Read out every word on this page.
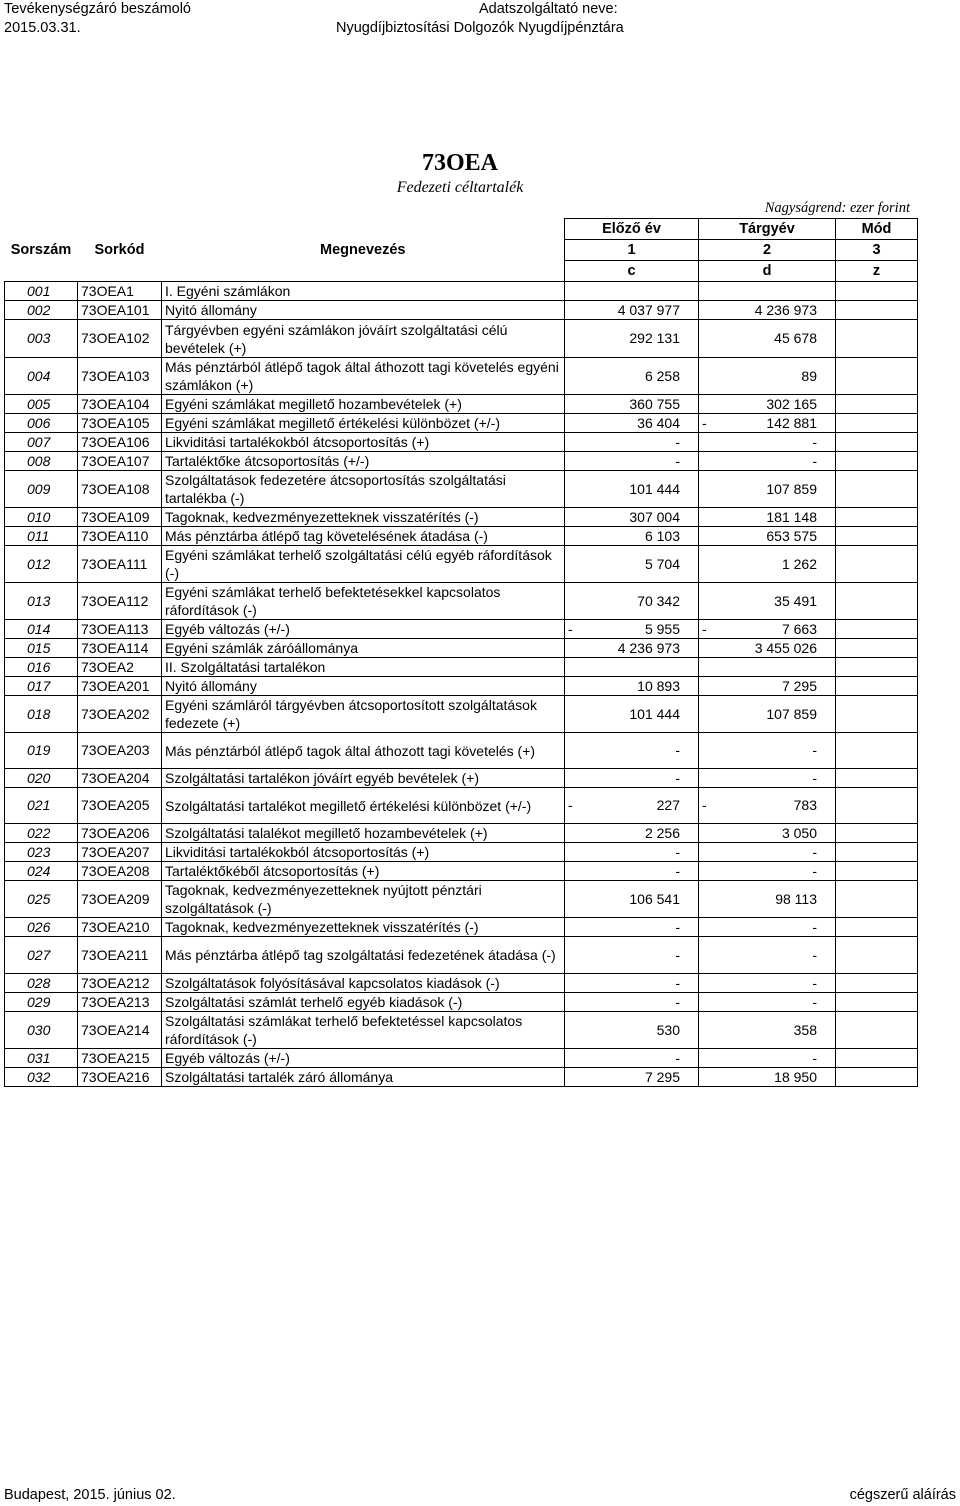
Tevékenységzáró beszámoló
2015.03.31.
Adatszolgáltató neve:
Nyugdíjbiztosítási Dolgozók Nyugdíjpénztára
73OEA
Fedezeti céltartalék
Nagyságrend: ezer forint
			Előző év	Tárgyév	Mód
Sorszám	Sorkód	Megnevezés	1	2	3
			c	d	z
001	73OEA1	I. Egyéni számlákon			
002	73OEA101	Nyitó állomány	4 037 977	4 236 973	
003	73OEA102	Tárgyévben egyéni számlákon jóváírt szolgáltatási célú bevételek (+)	292 131	45 678	
004	73OEA103	Más pénztárból átlépő tagok által áthozott tagi követelés egyéni számlákon (+)	6 258	89	
005	73OEA104	Egyéni számlákat megillető hozambevételek (+)	360 755	302 165	
006	73OEA105	Egyéni számlákat megillető értékelési különbözet (+/-)	36 404	- 142 881	
007	73OEA106	Likviditási tartalékokból átcsoportosítás (+)	-	-	
008	73OEA107	Tartaléktőke átcsoportosítás (+/-)	-	-	
009	73OEA108	Szolgáltatások fedezetére átcsoportosítás szolgáltatási tartalékba (-)	101 444	107 859	
010	73OEA109	Tagoknak, kedvezményezetteknek visszatérítés (-)	307 004	181 148	
011	73OEA110	Más pénztárba átlépő tag követelésének átadása (-)	6 103	653 575	
012	73OEA111	Egyéni számlákat terhelő szolgáltatási célú egyéb ráfordítások (-)	5 704	1 262	
013	73OEA112	Egyéni számlákat terhelő befektetésekkel kapcsolatos ráfordítások (-)	70 342	35 491	
014	73OEA113	Egyéb változás (+/-)	- 5 955	- 7 663	
015	73OEA114	Egyéni számlák záróállománya	4 236 973	3 455 026	
016	73OEA2	II. Szolgáltatási tartalékon			
017	73OEA201	Nyitó állomány	10 893	7 295	
018	73OEA202	Egyéni számláról tárgyévben átcsoportosított szolgáltatások fedezete (+)	101 444	107 859	
019	73OEA203	Más pénztárból átlépő tagok által áthozott tagi követelés (+)	-	-	
020	73OEA204	Szolgáltatási tartalékon jóváírt egyéb bevételek (+)	-	-	
021	73OEA205	Szolgáltatási tartalékot megillető értékelési különbözet (+/-)	- 227	- 783	
022	73OEA206	Szolgáltatási talalékot megillető hozambevételek (+)	2 256	3 050	
023	73OEA207	Likviditási tartalékokból átcsoportosítás (+)	-	-	
024	73OEA208	Tartaléktőkéből átcsoportosítás (+)	-	-	
025	73OEA209	Tagoknak, kedvezményezetteknek nyújtott pénztári szolgáltatások (-)	106 541	98 113	
026	73OEA210	Tagoknak, kedvezményezetteknek visszatérítés (-)	-	-	
027	73OEA211	Más pénztárba átlépő tag szolgáltatási fedezetének átadása (-)	-	-	
028	73OEA212	Szolgáltatások folyósításával kapcsolatos kiadások (-)	-	-	
029	73OEA213	Szolgáltatási számlát terhelő egyéb kiadások (-)	-	-	
030	73OEA214	Szolgáltatási számlákat terhelő befektetéssel kapcsolatos ráfordítások (-)	530	358	
031	73OEA215	Egyéb változás (+/-)	-	-	
032	73OEA216	Szolgáltatási tartalék záró állománya	7 295	18 950	
Budapest, 2015. június 02.	cégszerű aláírás
